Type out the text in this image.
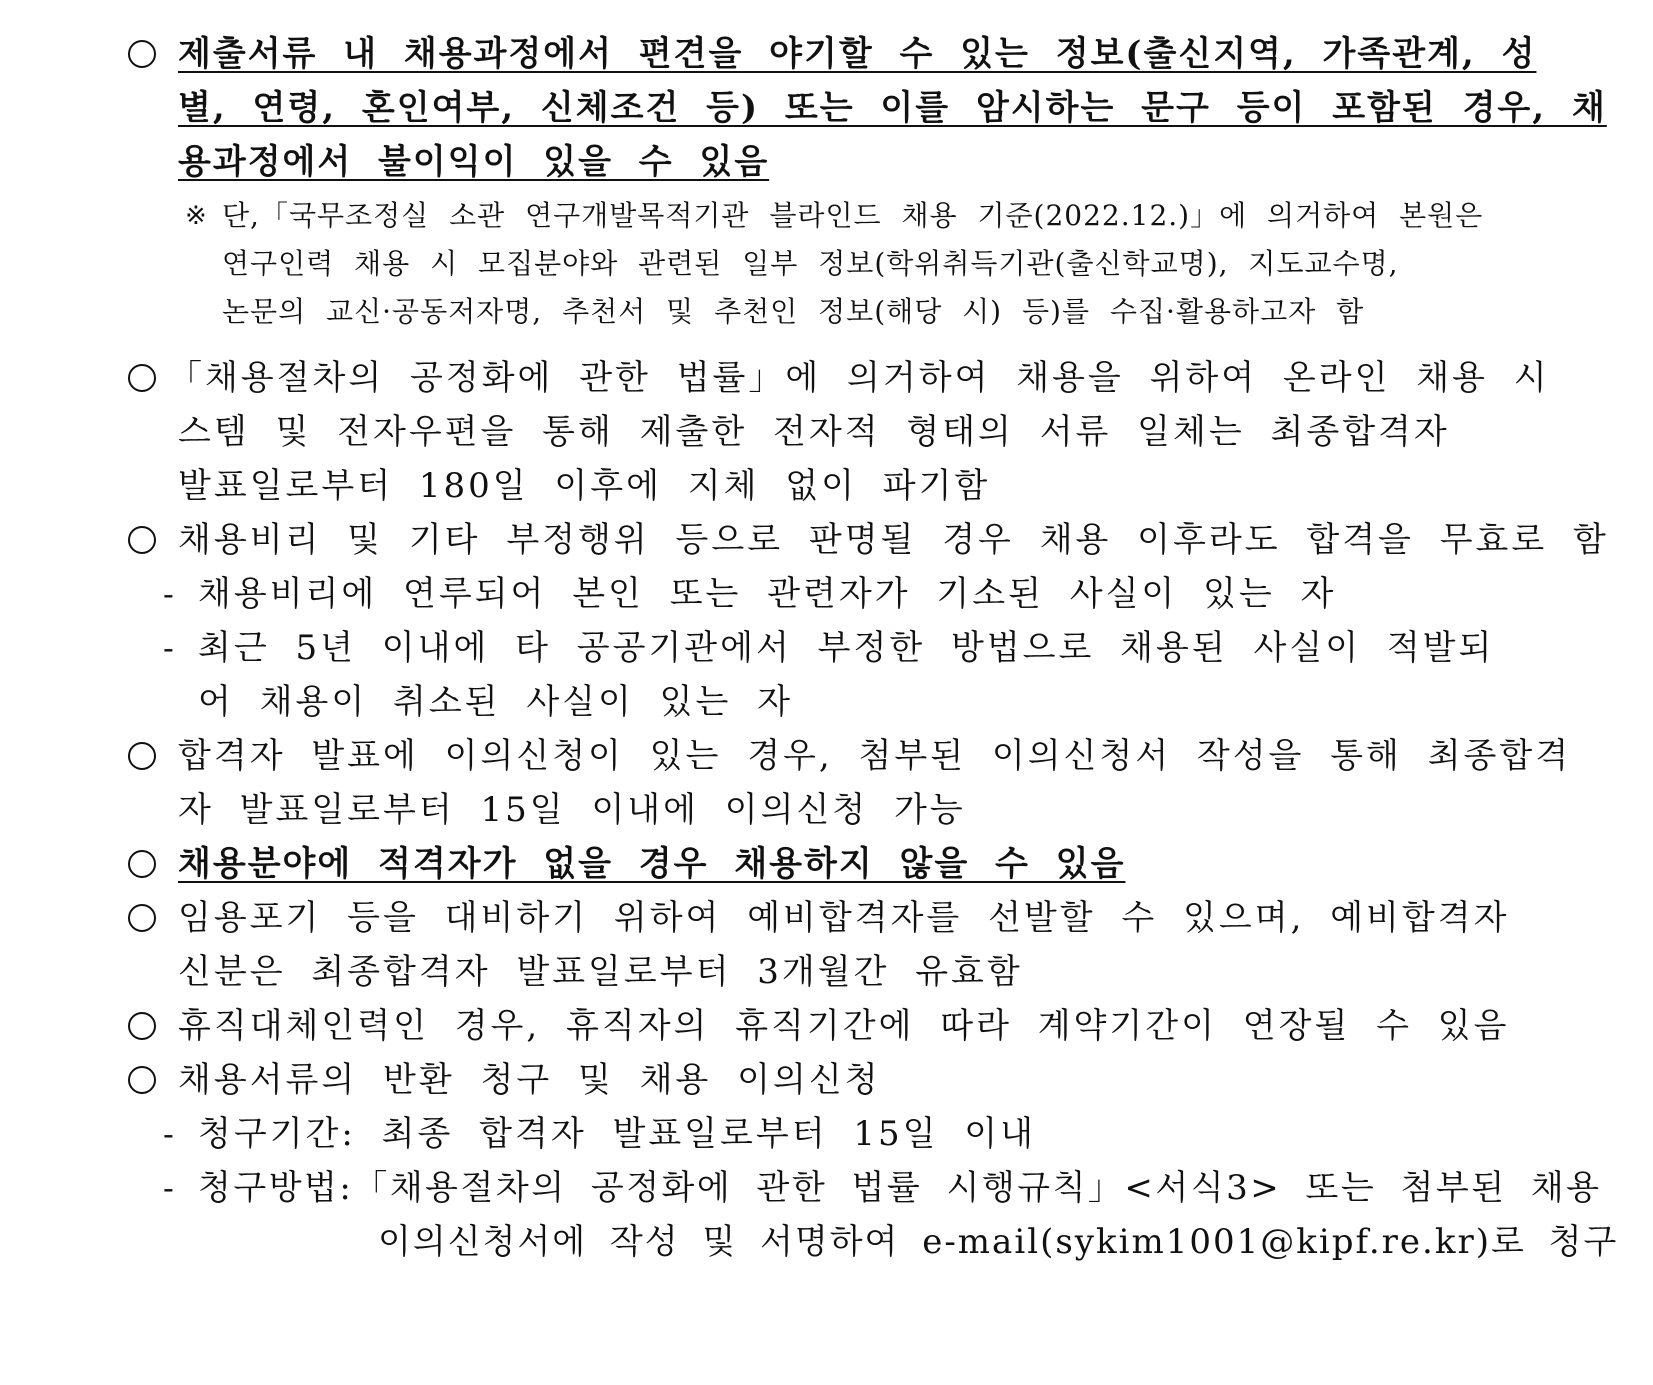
제출서류 내 채용과정에서 편견을 야기할 수 있는 정보(출신지역, 가족관계, 성
별, 연령, 혼인여부, 신체조건 등) 또는 이를 암시하는 문구 등이 포함된 경우, 채
용과정에서 불이익이 있을 수 있음
※ 단,「국무조정실 소관 연구개발목적기관 블라인드 채용 기준(2022.12.)」에 의거하여 본원은
연구인력 채용 시 모집분야와 관련된 일부 정보(학위취득기관(출신학교명), 지도교수명,
논문의 교신·공동저자명, 추천서 및 추천인 정보(해당 시) 등)를 수집·활용하고자 함
「채용절차의 공정화에 관한 법률」에 의거하여 채용을 위하여 온라인 채용 시
스템 및 전자우편을 통해 제출한 전자적 형태의 서류 일체는 최종합격자
발표일로부터 180일 이후에 지체 없이 파기함
채용비리 및 기타 부정행위 등으로 판명될 경우 채용 이후라도 합격을 무효로 함
- 채용비리에 연루되어 본인 또는 관련자가 기소된 사실이 있는 자
- 최근 5년 이내에 타 공공기관에서 부정한 방법으로 채용된 사실이 적발되
어 채용이 취소된 사실이 있는 자
합격자 발표에 이의신청이 있는 경우, 첨부된 이의신청서 작성을 통해 최종합격
자 발표일로부터 15일 이내에 이의신청 가능
채용분야에 적격자가 없을 경우 채용하지 않을 수 있음
임용포기 등을 대비하기 위하여 예비합격자를 선발할 수 있으며, 예비합격자
신분은 최종합격자 발표일로부터 3개월간 유효함
휴직대체인력인 경우, 휴직자의 휴직기간에 따라 계약기간이 연장될 수 있음
채용서류의 반환 청구 및 채용 이의신청
- 청구기간: 최종 합격자 발표일로부터 15일 이내
- 청구방법:「채용절차의 공정화에 관한 법률 시행규칙」<서식3> 또는 첨부된 채용
이의신청서에 작성 및 서명하여 e-mail(sykim1001@kipf.re.kr)로 청구
